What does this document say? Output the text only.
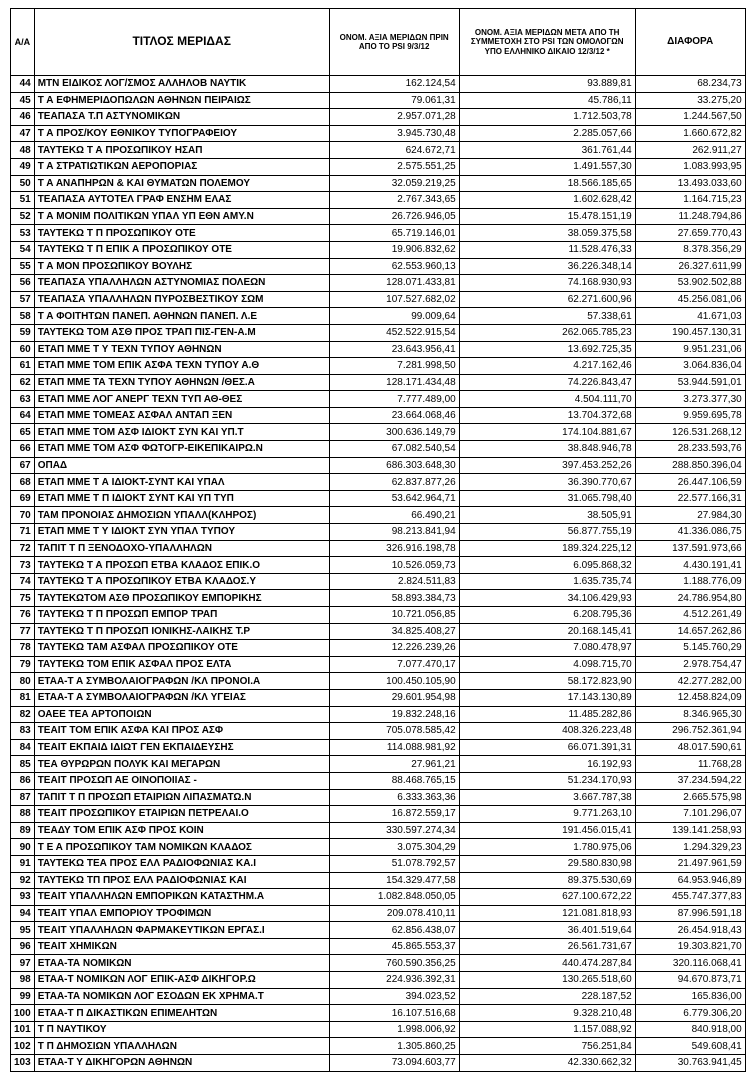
Α/Α	ΤΙΤΛΟΣ ΜΕΡΙΔΑΣ	ΟΝΟΜ. ΑΞΙΑ ΜΕΡΙΔΩΝ ΠΡΙΝ ΑΠΟ ΤΟ PSI 9/3/12	ΟΝΟΜ. ΑΞΙΑ ΜΕΡΙΔΩΝ ΜΕΤΑ ΑΠΟ ΤΗ ΣΥΜΜΕΤΟΧΗ ΣΤΟ PSI ΤΩΝ ΟΜΟΛΟΓΩΝ ΥΠΟ ΕΛΛΗΝΙΚΟ ΔΙΚΑΙΟ 12/3/12 *	ΔΙΑΦΟΡΑ
44	ΜΤΝ ΕΙΔΙΚΟΣ ΛΟΓ/ΣΜΟΣ ΑΛΛΗΛΟΒ ΝΑΥΤΙΚ	162.124,54	93.889,81	68.234,73
45	Τ Α ΕΦΗΜΕΡΙΔΟΠΩΛΩΝ ΑΘΗΝΩΝ ΠΕΙΡΑΙΩΣ	79.061,31	45.786,11	33.275,20
46	ΤΕΑΠΑΣΑ Τ.Π ΑΣΤΥΝΟΜΙΚΩΝ	2.957.071,28	1.712.503,78	1.244.567,50
47	Τ Α ΠΡΟΣ/ΚΟΥ ΕΘΝΙΚΟΥ ΤΥΠΟΓΡΑΦΕΙΟΥ	3.945.730,48	2.285.057,66	1.660.672,82
48	ΤΑΥΤΕΚΩ Τ Α ΠΡΟΣΩΠΙΚΟΥ ΗΣΑΠ	624.672,71	361.761,44	262.911,27
49	Τ Α ΣΤΡΑΤΙΩΤΙΚΩΝ ΑΕΡΟΠΟΡΙΑΣ	2.575.551,25	1.491.557,30	1.083.993,95
50	Τ Α ΑΝΑΠΗΡΩΝ & ΚΑΙ ΘΥΜΑΤΩΝ ΠΟΛΕΜΟΥ	32.059.219,25	18.566.185,65	13.493.033,60
51	ΤΕΑΠΑΣΑ ΑΥΤΟΤΕΛ ΓΡΑΦ ΕΝΣΗΜ ΕΛΑΣ	2.767.343,65	1.602.628,42	1.164.715,23
52	Τ Α ΜΟΝΙΜ ΠΟΛΙΤΙΚΩΝ ΥΠΑΛ ΥΠ ΕΘΝ ΑΜΥ.Ν	26.726.946,05	15.478.151,19	11.248.794,86
53	ΤΑΥΤΕΚΩ Τ Π ΠΡΟΣΩΠΙΚΟΥ ΟΤΕ	65.719.146,01	38.059.375,58	27.659.770,43
54	ΤΑΥΤΕΚΩ Τ Π ΕΠΙΚ Α ΠΡΟΣΩΠΙΚΟΥ ΟΤΕ	19.906.832,62	11.528.476,33	8.378.356,29
55	Τ Α ΜΟΝ ΠΡΟΣΩΠΙΚΟΥ ΒΟΥΛΗΣ	62.553.960,13	36.226.348,14	26.327.611,99
56	ΤΕΑΠΑΣΑ ΥΠΑΛΛΗΛΩΝ ΑΣΤΥΝΟΜΙΑΣ ΠΟΛΕΩΝ	128.071.433,81	74.168.930,93	53.902.502,88
57	ΤΕΑΠΑΣΑ ΥΠΑΛΛΗΛΩΝ ΠΥΡΟΣΒΕΣΤΙΚΟΥ ΣΩΜ	107.527.682,02	62.271.600,96	45.256.081,06
58	Τ Α ΦΟΙΤΗΤΩΝ ΠΑΝΕΠ. ΑΘΗΝΩΝ ΠΑΝΕΠ. Λ.Ε	99.009,64	57.338,61	41.671,03
59	ΤΑΥΤΕΚΩ ΤΟΜ ΑΣΘ ΠΡΟΣ ΤΡΑΠ ΠΙΣ-ΓΕΝ-Α.Μ	452.522.915,54	262.065.785,23	190.457.130,31
60	ΕΤΑΠ ΜΜΕ Τ Υ ΤΕΧΝ ΤΥΠΟΥ ΑΘΗΝΩΝ	23.643.956,41	13.692.725,35	9.951.231,06
61	ΕΤΑΠ ΜΜΕ ΤΟΜ ΕΠΙΚ ΑΣΦΑ ΤΕΧΝ ΤΥΠΟΥ Α.Θ	7.281.998,50	4.217.162,46	3.064.836,04
62	ΕΤΑΠ ΜΜΕ ΤΑ ΤΕΧΝ ΤΥΠΟΥ ΑΘΗΝΩΝ /ΘΕΣ.Α	128.171.434,48	74.226.843,47	53.944.591,01
63	ΕΤΑΠ ΜΜΕ ΛΟΓ ΑΝΕΡΓ ΤΕΧΝ ΤΥΠ ΑΘ-ΘΕΣ	7.777.489,00	4.504.111,70	3.273.377,30
64	ΕΤΑΠ ΜΜΕ ΤΟΜΕΑΣ ΑΣΦΑΛ ΑΝΤΑΠ ΞΕΝ	23.664.068,46	13.704.372,68	9.959.695,78
65	ΕΤΑΠ ΜΜΕ ΤΟΜ ΑΣΦ ΙΔΙΟΚΤ ΣΥΝ ΚΑΙ ΥΠ.Τ	300.636.149,79	174.104.881,67	126.531.268,12
66	ΕΤΑΠ ΜΜΕ ΤΟΜ ΑΣΦ ΦΩΤΟΓΡ-ΕΙΚΕΠΙΚΑΙΡΩ.Ν	67.082.540,54	38.848.946,78	28.233.593,76
67	ΟΠΑΔ	686.303.648,30	397.453.252,26	288.850.396,04
68	ΕΤΑΠ ΜΜΕ Τ Α ΙΔΙΟΚΤ-ΣΥΝΤ ΚΑΙ ΥΠΑΛ	62.837.877,26	36.390.770,67	26.447.106,59
69	ΕΤΑΠ ΜΜΕ Τ Π ΙΔΙΟΚΤ ΣΥΝΤ ΚΑΙ ΥΠ ΤΥΠ	53.642.964,71	31.065.798,40	22.577.166,31
70	ΤΑΜ ΠΡΟΝΟΙΑΣ ΔΗΜΟΣΙΩΝ ΥΠΑΛΛ(ΚΛΗΡΟΣ)	66.490,21	38.505,91	27.984,30
71	ΕΤΑΠ ΜΜΕ Τ Υ ΙΔΙΟΚΤ ΣΥΝ ΥΠΑΛ ΤΥΠΟΥ	98.213.841,94	56.877.755,19	41.336.086,75
72	ΤΑΠΙΤ Τ Π ΞΕΝΟΔΟΧΟ-ΥΠΑΛΛΗΛΩΝ	326.916.198,78	189.324.225,12	137.591.973,66
73	ΤΑΥΤΕΚΩ Τ Α ΠΡΟΣΩΠ ΕΤΒΑ ΚΛΑΔΟΣ ΕΠΙΚ.Ο	10.526.059,73	6.095.868,32	4.430.191,41
74	ΤΑΥΤΕΚΩ Τ Α ΠΡΟΣΩΠΙΚΟΥ ΕΤΒΑ ΚΛΑΔΟΣ.Υ	2.824.511,83	1.635.735,74	1.188.776,09
75	ΤΑΥΤΕΚΩΤΟΜ ΑΣΘ ΠΡΟΣΩΠΙΚΟΥ ΕΜΠΟΡΙΚΗΣ	58.893.384,73	34.106.429,93	24.786.954,80
76	ΤΑΥΤΕΚΩ Τ Π ΠΡΟΣΩΠ ΕΜΠΟΡ ΤΡΑΠ	10.721.056,85	6.208.795,36	4.512.261,49
77	ΤΑΥΤΕΚΩ Τ Π ΠΡΟΣΩΠ ΙΟΝΙΚΗΣ-ΛΑΙΚΗΣ Τ.Ρ	34.825.408,27	20.168.145,41	14.657.262,86
78	ΤΑΥΤΕΚΩ ΤΑΜ ΑΣΦΑΛ ΠΡΟΣΩΠΙΚΟΥ ΟΤΕ	12.226.239,26	7.080.478,97	5.145.760,29
79	ΤΑΥΤΕΚΩ ΤΟΜ ΕΠΙΚ ΑΣΦΑΛ ΠΡΟΣ ΕΛΤΑ	7.077.470,17	4.098.715,70	2.978.754,47
80	ΕΤΑΑ-Τ Α ΣΥΜΒΟΛΑΙΟΓΡΑΦΩΝ /ΚΛ ΠΡΟΝΟΙ.Α	100.450.105,90	58.172.823,90	42.277.282,00
81	ΕΤΑΑ-Τ Α ΣΥΜΒΟΛΑΙΟΓΡΑΦΩΝ /ΚΛ ΥΓΕΙΑΣ	29.601.954,98	17.143.130,89	12.458.824,09
82	ΟΑΕΕ ΤΕΑ ΑΡΤΟΠΟΙΩΝ	19.832.248,16	11.485.282,86	8.346.965,30
83	ΤΕΑΙΤ ΤΟΜ ΕΠΙΚ ΑΣΦΑ ΚΑΙ ΠΡΟΣ ΑΣΦ	705.078.585,42	408.326.223,48	296.752.361,94
84	ΤΕΑΙΤ ΕΚΠΑΙΔ ΙΔΙΩΤ ΓΕΝ ΕΚΠΑΙΔΕΥΣΗΣ	114.088.981,92	66.071.391,31	48.017.590,61
85	ΤΕΑ ΘΥΡΩΡΩΝ ΠΟΛΥΚ ΚΑΙ ΜΕΓΑΡΩΝ	27.961,21	16.192,93	11.768,28
86	ΤΕΑΙΤ ΠΡΟΣΩΠ ΑΕ ΟΙΝΟΠΟΙΙΑΣ -	88.468.765,15	51.234.170,93	37.234.594,22
87	ΤΑΠΙΤ Τ Π ΠΡΟΣΩΠ ΕΤΑΙΡΙΩΝ ΛΙΠΑΣΜΑΤΩ.Ν	6.333.363,36	3.667.787,38	2.665.575,98
88	ΤΕΑΙΤ ΠΡΟΣΩΠΙΚΟΥ ΕΤΑΙΡΙΩΝ ΠΕΤΡΕΛΑΙ.Ο	16.872.559,17	9.771.263,10	7.101.296,07
89	ΤΕΑΔΥ ΤΟΜ ΕΠΙΚ ΑΣΦ ΠΡΟΣ ΚΟΙΝ	330.597.274,34	191.456.015,41	139.141.258,93
90	Τ Ε Α ΠΡΟΣΩΠΙΚΟΥ ΤΑΜ ΝΟΜΙΚΩΝ ΚΛΑΔΟΣ	3.075.304,29	1.780.975,06	1.294.329,23
91	ΤΑΥΤΕΚΩ ΤΕΑ ΠΡΟΣ ΕΛΛ ΡΑΔΙΟΦΩΝΙΑΣ ΚΑ.Ι	51.078.792,57	29.580.830,98	21.497.961,59
92	ΤΑΥΤΕΚΩ ΤΠ ΠΡΟΣ ΕΛΛ ΡΑΔΙΟΦΩΝΙΑΣ ΚΑΙ	154.329.477,58	89.375.530,69	64.953.946,89
93	ΤΕΑΙΤ ΥΠΑΛΛΗΛΩΝ ΕΜΠΟΡΙΚΩΝ ΚΑΤΑΣΤΗΜ.Α	1.082.848.050,05	627.100.672,22	455.747.377,83
94	ΤΕΑΙΤ ΥΠΑΛ ΕΜΠΟΡΙΟΥ ΤΡΟΦΙΜΩΝ	209.078.410,11	121.081.818,93	87.996.591,18
95	ΤΕΑΙΤ ΥΠΑΛΛΗΛΩΝ ΦΑΡΜΑΚΕΥΤΙΚΩΝ ΕΡΓΑΣ.Ι	62.856.438,07	36.401.519,64	26.454.918,43
96	ΤΕΑΙΤ ΧΗΜΙΚΩΝ	45.865.553,37	26.561.731,67	19.303.821,70
97	ΕΤΑΑ-ΤΑ ΝΟΜΙΚΩΝ	760.590.356,25	440.474.287,84	320.116.068,41
98	ΕΤΑΑ-Τ ΝΟΜΙΚΩΝ ΛΟΓ ΕΠΙΚ-ΑΣΦ ΔΙΚΗΓΟΡ.Ω	224.936.392,31	130.265.518,60	94.670.873,71
99	ΕΤΑΑ-ΤΑ ΝΟΜΙΚΩΝ ΛΟΓ ΕΣΟΔΩΝ ΕΚ ΧΡΗΜΑ.Τ	394.023,52	228.187,52	165.836,00
100	ΕΤΑΑ-Τ Π ΔΙΚΑΣΤΙΚΩΝ ΕΠΙΜΕΛΗΤΩΝ	16.107.516,68	9.328.210,48	6.779.306,20
101	Τ Π ΝΑΥΤΙΚΟΥ	1.998.006,92	1.157.088,92	840.918,00
102	Τ Π ΔΗΜΟΣΙΩΝ ΥΠΑΛΛΗΛΩΝ	1.305.860,25	756.251,84	549.608,41
103	ΕΤΑΑ-Τ Υ ΔΙΚΗΓΟΡΩΝ ΑΘΗΝΩΝ	73.094.603,77	42.330.662,32	30.763.941,45
